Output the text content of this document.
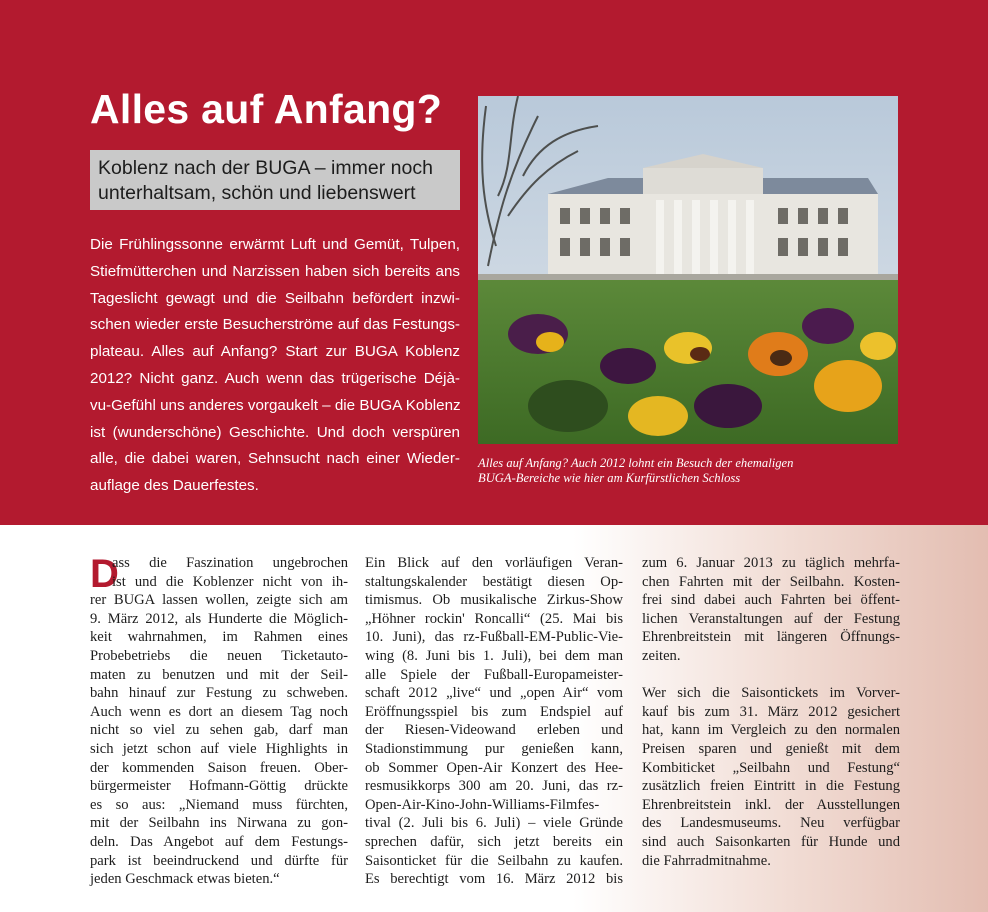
Alles auf Anfang?
Koblenz nach der BUGA – immer noch
unterhaltsam, schön und liebenswert
Die Frühlingssonne erwärmt Luft und Gemüt, Tulpen,
Stiefmütterchen und Narzissen haben sich bereits ans
Tageslicht gewagt und die Seilbahn befördert inzwi-
schen wieder erste Besucherströme auf das Festungs-
plateau. Alles auf Anfang? Start zur BUGA Koblenz
2012? Nicht ganz. Auch wenn das trügerische Déjà-
vu-Gefühl uns anderes vorgaukelt – die BUGA Koblenz
ist (wunderschöne) Geschichte. Und doch verspüren
alle, die dabei waren, Sehnsucht nach einer Wieder-
auflage des Dauerfestes.
Alles auf Anfang? Auch 2012 lohnt ein Besuch der ehemaligen
BUGA-Bereiche wie hier am Kurfürstlichen Schloss
D
ass die Faszination ungebrochen
ist und die Koblenzer nicht von ih-
rer BUGA lassen wollen, zeigte sich am
9. März 2012, als Hunderte die Möglich-
keit wahrnahmen, im Rahmen eines
Probebetriebs die neuen Ticketauto-
maten zu benutzen und mit der Seil-
bahn hinauf zur Festung zu schweben.
Auch wenn es dort an diesem Tag noch
nicht so viel zu sehen gab, darf man
sich jetzt schon auf viele Highlights in
der kommenden Saison freuen. Ober-
bürgermeister Hofmann-Göttig drückte
es so aus: „Niemand muss fürchten,
mit der Seilbahn ins Nirwana zu gon-
deln. Das Angebot auf dem Festungs-
park ist beeindruckend und dürfte für
jeden Geschmack etwas bieten.“
Ein Blick auf den vorläufigen Veran-
staltungskalender bestätigt diesen Op-
timismus. Ob musikalische Zirkus-Show
„Höhner rockin' Roncalli“ (25. Mai bis
10. Juni), das rz-Fußball-EM-Public-Vie-
wing (8. Juni bis 1. Juli), bei dem man
alle Spiele der Fußball-Europameister-
schaft 2012 „live“ und „open Air“ vom
Eröffnungsspiel bis zum Endspiel auf
der Riesen-Videowand erleben und
Stadionstimmung pur genießen kann,
ob Sommer Open-Air Konzert des Hee-
resmusikkorps 300 am 20. Juni, das rz-
Open-Air-Kino-John-Williams-Filmfes-
tival (2. Juli bis 6. Juli) – viele Gründe
sprechen dafür, sich jetzt bereits ein
Saisonticket für die Seilbahn zu kaufen.
Es berechtigt vom 16. März 2012 bis
zum 6. Januar 2013 zu täglich mehrfa-
chen Fahrten mit der Seilbahn. Kosten-
frei sind dabei auch Fahrten bei öffent-
lichen Veranstaltungen auf der Festung
Ehrenbreitstein mit längeren Öffnungs-
zeiten.
Wer sich die Saisontickets im Vorver-
kauf bis zum 31. März 2012 gesichert
hat, kann im Vergleich zu den normalen
Preisen sparen und genießt mit dem
Kombiticket „Seilbahn und Festung“
zusätzlich freien Eintritt in die Festung
Ehrenbreitstein inkl. der Ausstellungen
des Landesmuseums. Neu verfügbar
sind auch Saisonkarten für Hunde und
die Fahrradmitnahme.
